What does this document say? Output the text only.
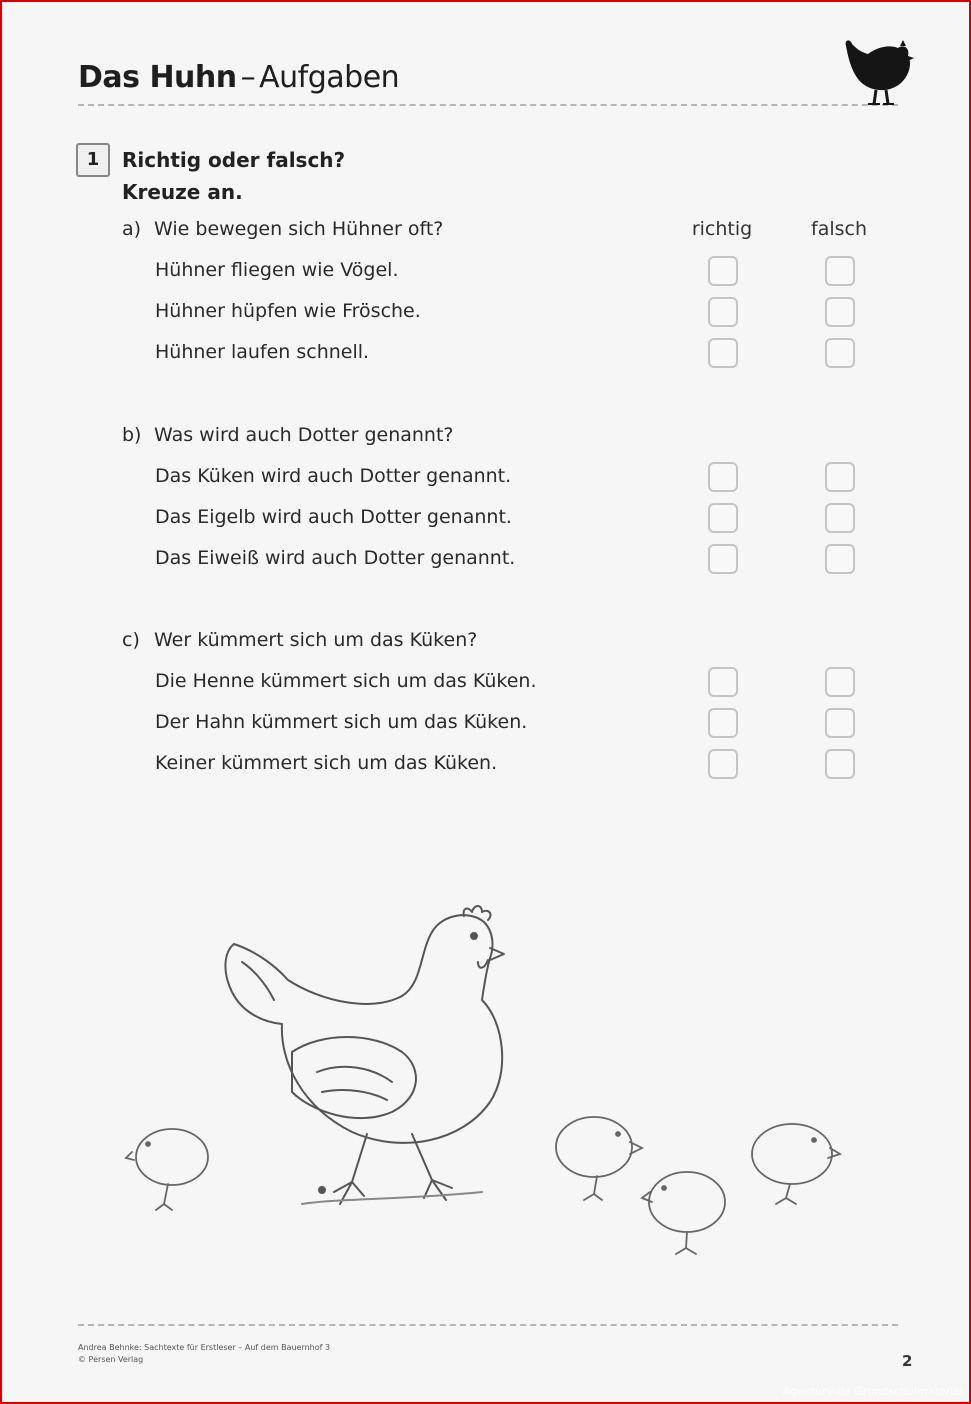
Das Huhn – Aufgaben
1	Richtig oder falsch?
Kreuze an.
richtig	falsch
a) Wie bewegen sich Hühner oft?
Hühner fliegen wie Vögel.
Hühner hüpfen wie Frösche.
Hühner laufen schnell.
b) Was wird auch Dotter genannt?
Das Küken wird auch Dotter genannt.
Das Eigelb wird auch Dotter genannt.
Das Eiweiß wird auch Dotter genannt.
c) Wer kümmert sich um das Küken?
Die Henne kümmert sich um das Küken.
Der Hahn kümmert sich um das Küken.
Keiner kümmert sich um das Küken.
Andrea Behnke: Sachtexte für Erstleser – Auf dem Bauernhof 3
© Persen Verlag	2
Agentury-de Grundschulmaterial
